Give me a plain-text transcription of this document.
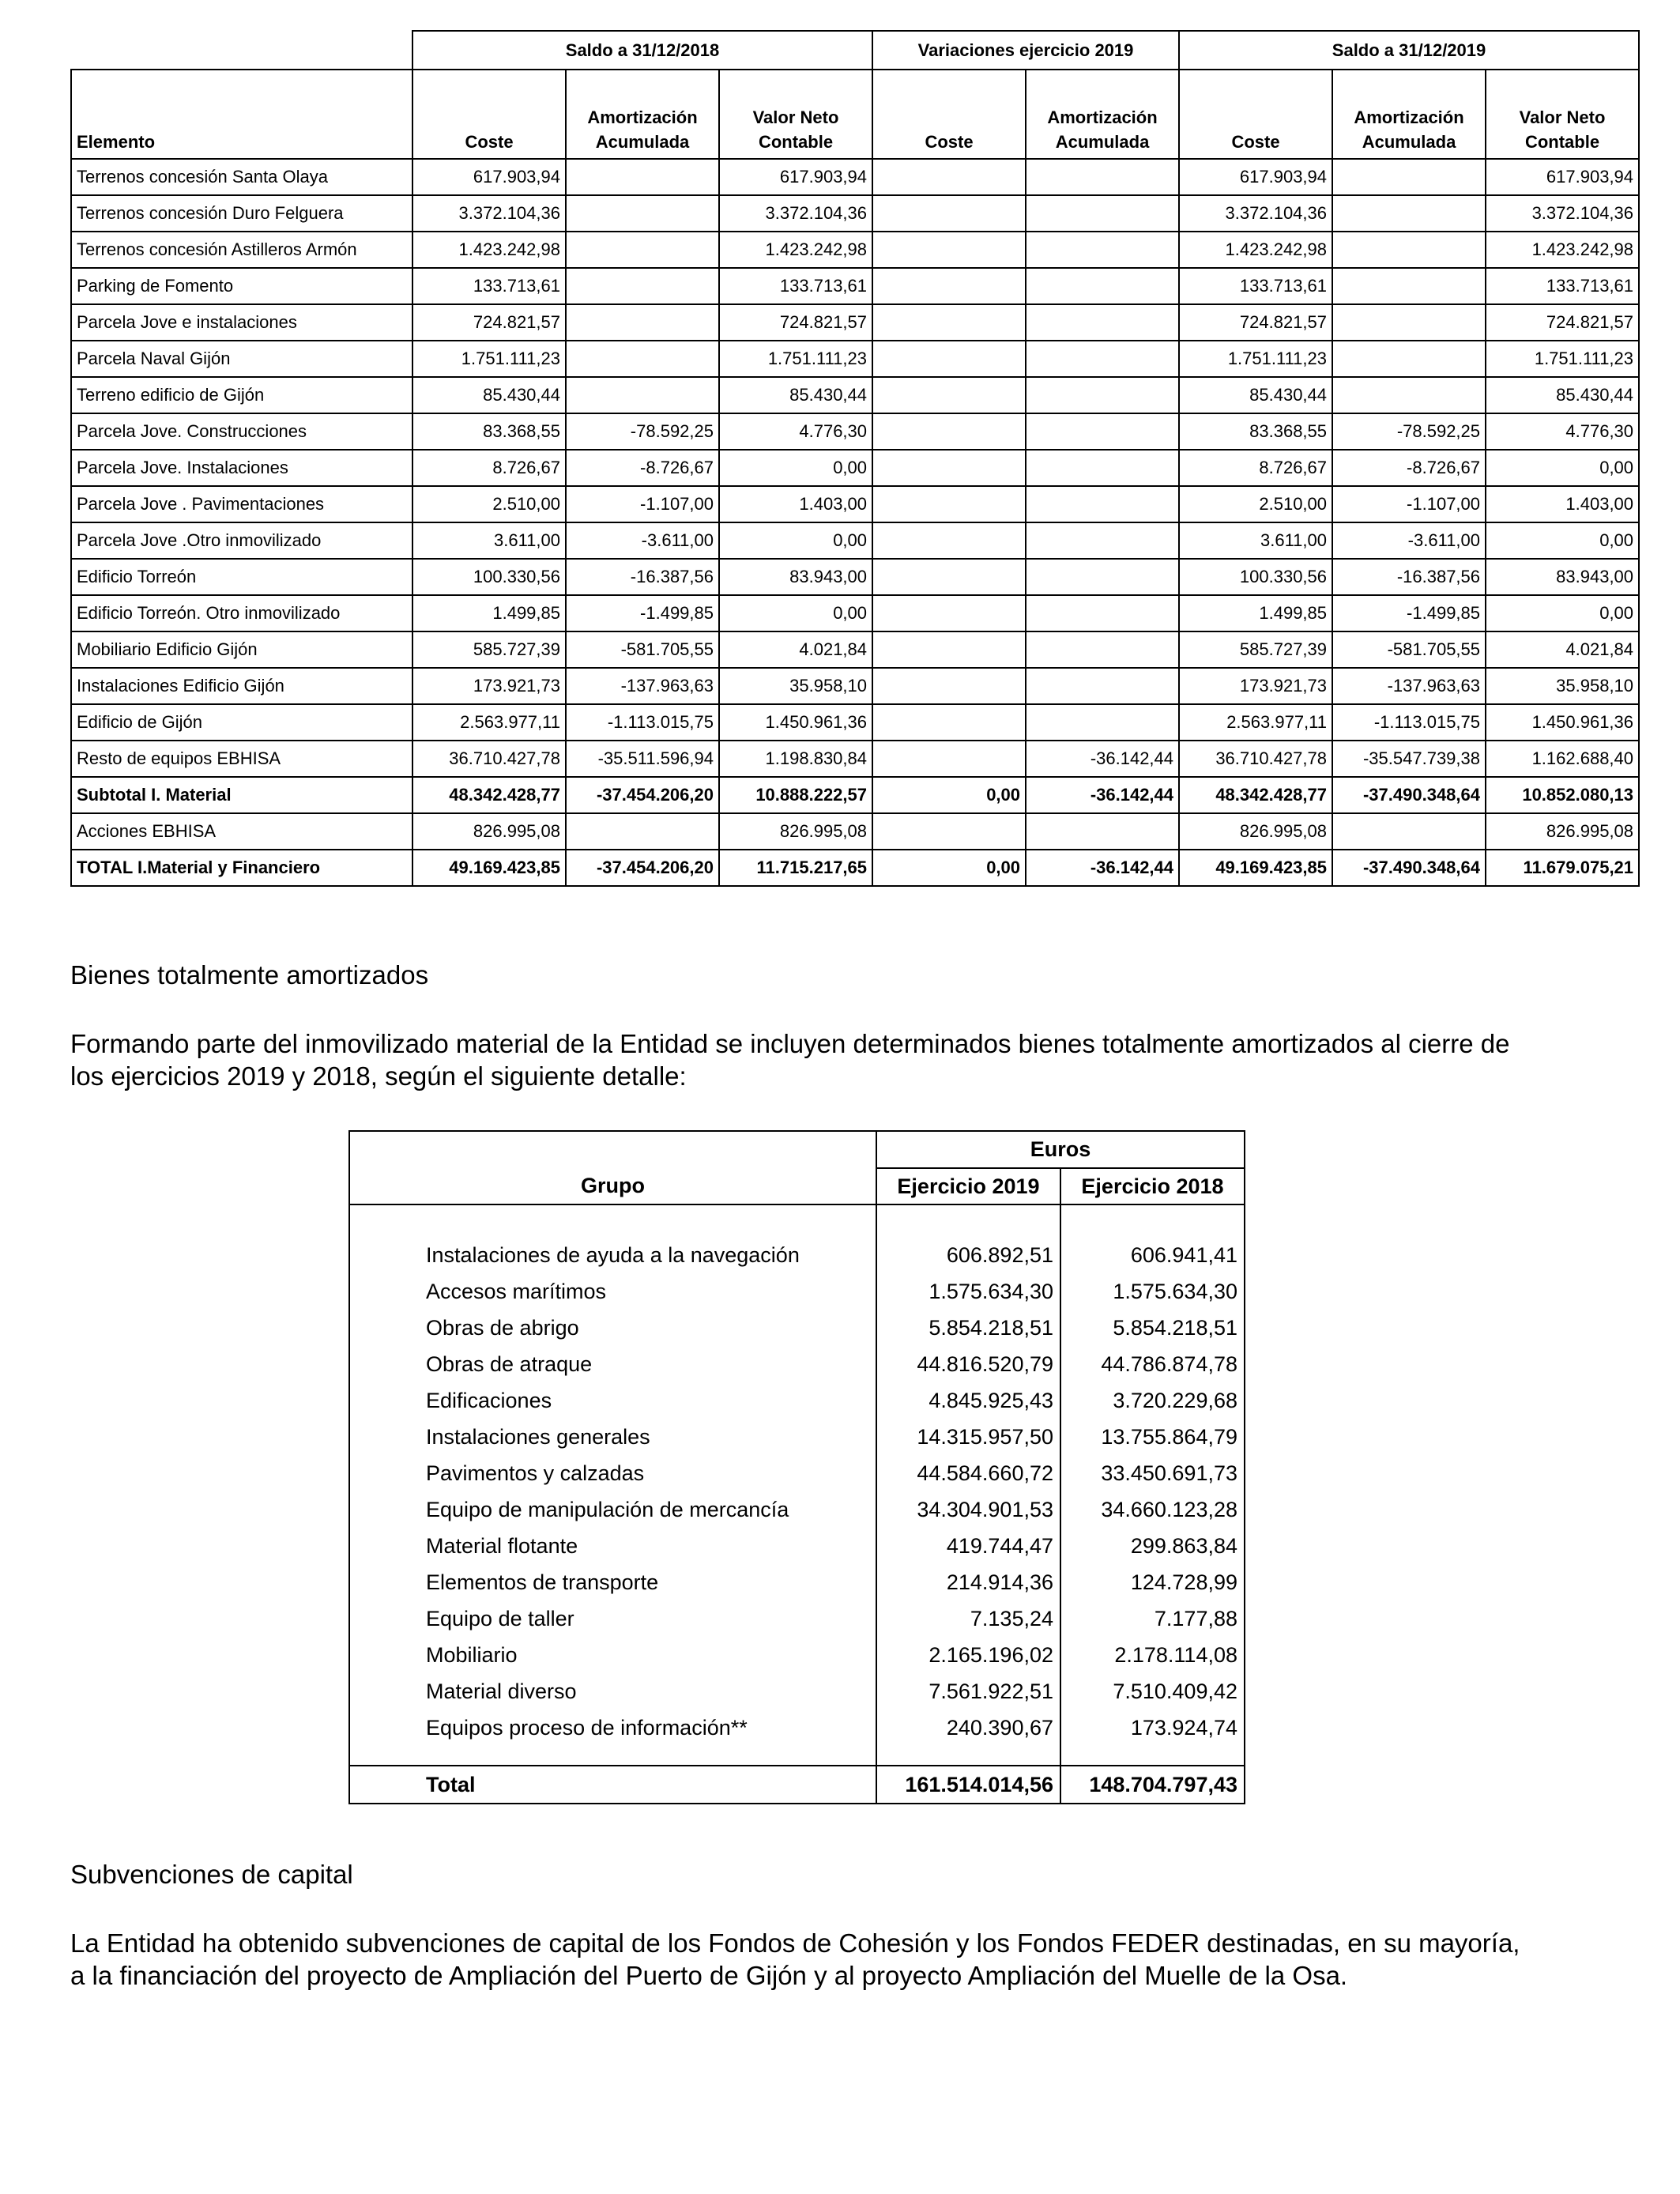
	Saldo a 31/12/2018			Variaciones ejercicio 2019		Saldo a 31/12/2019		
Elemento	Coste	Amortización Acumulada	Valor Neto Contable	Coste	Amortización Acumulada	Coste	Amortización Acumulada	Valor Neto Contable
Terrenos concesión Santa Olaya	617.903,94		617.903,94			617.903,94		617.903,94
Terrenos concesión Duro Felguera	3.372.104,36		3.372.104,36			3.372.104,36		3.372.104,36
Terrenos concesión Astilleros Armón	1.423.242,98		1.423.242,98			1.423.242,98		1.423.242,98
Parking de Fomento	133.713,61		133.713,61			133.713,61		133.713,61
Parcela Jove e instalaciones	724.821,57		724.821,57			724.821,57		724.821,57
Parcela Naval Gijón	1.751.111,23		1.751.111,23			1.751.111,23		1.751.111,23
Terreno edificio de Gijón	85.430,44		85.430,44			85.430,44		85.430,44
Parcela Jove. Construcciones	83.368,55	-78.592,25	4.776,30			83.368,55	-78.592,25	4.776,30
Parcela Jove. Instalaciones	8.726,67	-8.726,67	0,00			8.726,67	-8.726,67	0,00
Parcela Jove . Pavimentaciones	2.510,00	-1.107,00	1.403,00			2.510,00	-1.107,00	1.403,00
Parcela Jove .Otro inmovilizado	3.611,00	-3.611,00	0,00			3.611,00	-3.611,00	0,00
Edificio Torreón	100.330,56	-16.387,56	83.943,00			100.330,56	-16.387,56	83.943,00
Edificio Torreón. Otro inmovilizado	1.499,85	-1.499,85	0,00			1.499,85	-1.499,85	0,00
Mobiliario Edificio Gijón	585.727,39	-581.705,55	4.021,84			585.727,39	-581.705,55	4.021,84
Instalaciones Edificio Gijón	173.921,73	-137.963,63	35.958,10			173.921,73	-137.963,63	35.958,10
Edificio de Gijón	2.563.977,11	-1.113.015,75	1.450.961,36			2.563.977,11	-1.113.015,75	1.450.961,36
Resto de equipos EBHISA	36.710.427,78	-35.511.596,94	1.198.830,84		-36.142,44	36.710.427,78	-35.547.739,38	1.162.688,40
Subtotal I. Material	48.342.428,77	-37.454.206,20	10.888.222,57	0,00	-36.142,44	48.342.428,77	-37.490.348,64	10.852.080,13
Acciones EBHISA	826.995,08		826.995,08			826.995,08		826.995,08
TOTAL I.Material y Financiero	49.169.423,85	-37.454.206,20	11.715.217,65	0,00	-36.142,44	49.169.423,85	-37.490.348,64	11.679.075,21

Bienes totalmente amortizados

Formando parte del inmovilizado material de la Entidad se incluyen determinados bienes totalmente amortizados al cierre de los ejercicios 2019 y 2018, según el siguiente detalle:

	Euros	
Grupo	Ejercicio 2019	Ejercicio 2018

Instalaciones de ayuda a la navegación	606.892,51	606.941,41
Accesos marítimos	1.575.634,30	1.575.634,30
Obras de abrigo	5.854.218,51	5.854.218,51
Obras de atraque	44.816.520,79	44.786.874,78
Edificaciones	4.845.925,43	3.720.229,68
Instalaciones generales	14.315.957,50	13.755.864,79
Pavimentos y calzadas	44.584.660,72	33.450.691,73
Equipo de manipulación de mercancía	34.304.901,53	34.660.123,28
Material flotante	419.744,47	299.863,84
Elementos de transporte	214.914,36	124.728,99
Equipo de taller	7.135,24	7.177,88
Mobiliario	2.165.196,02	2.178.114,08
Material diverso	7.561.922,51	7.510.409,42
Equipos proceso de información**	240.390,67	173.924,74

Total	161.514.014,56	148.704.797,43

Subvenciones de capital

La Entidad ha obtenido subvenciones de capital de los Fondos de Cohesión y los Fondos FEDER destinadas, en su mayoría, a la financiación del proyecto de Ampliación del Puerto de Gijón y al proyecto Ampliación del Muelle de la Osa.
